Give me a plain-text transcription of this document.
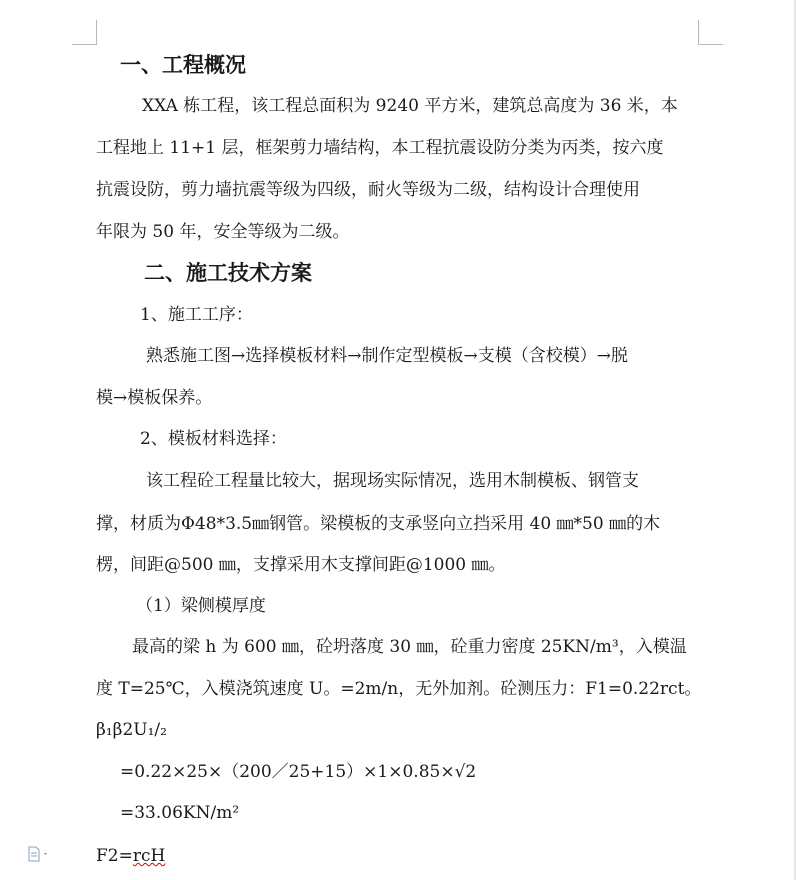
一、工程概况
XXA 栋工程，该工程总面积为 9240 平方米，建筑总高度为 36 米，本
工程地上 11+1 层，框架剪力墙结构，本工程抗震设防分类为丙类，按六度
抗震设防，剪力墙抗震等级为四级，耐火等级为二级，结构设计合理使用
年限为 50 年，安全等级为二级。
二、施工技术方案
1、施工工序：
熟悉施工图→选择模板材料→制作定型模板→支模（含校模）→脱
模→模板保养。
2、模板材料选择：
该工程砼工程量比较大，据现场实际情况，选用木制模板、钢管支
撑，材质为Φ48*3.5㎜钢管。梁模板的支承竖向立挡采用 40 ㎜*50 ㎜的木
楞，间距@500 ㎜，支撑采用木支撑间距@1000 ㎜。
（1）梁侧模厚度
最高的梁 h 为 600 ㎜，砼坍落度 30 ㎜，砼重力密度 25KN/m³，入模温
度 T=25℃，入模浇筑速度 U。=2m/n，无外加剂。砼测压力：F1=0.22rct。
β₁β2U₁/₂
=0.22×25×（200／25+15）×1×0.85×√2
=33.06KN/m²
F2=rcH
